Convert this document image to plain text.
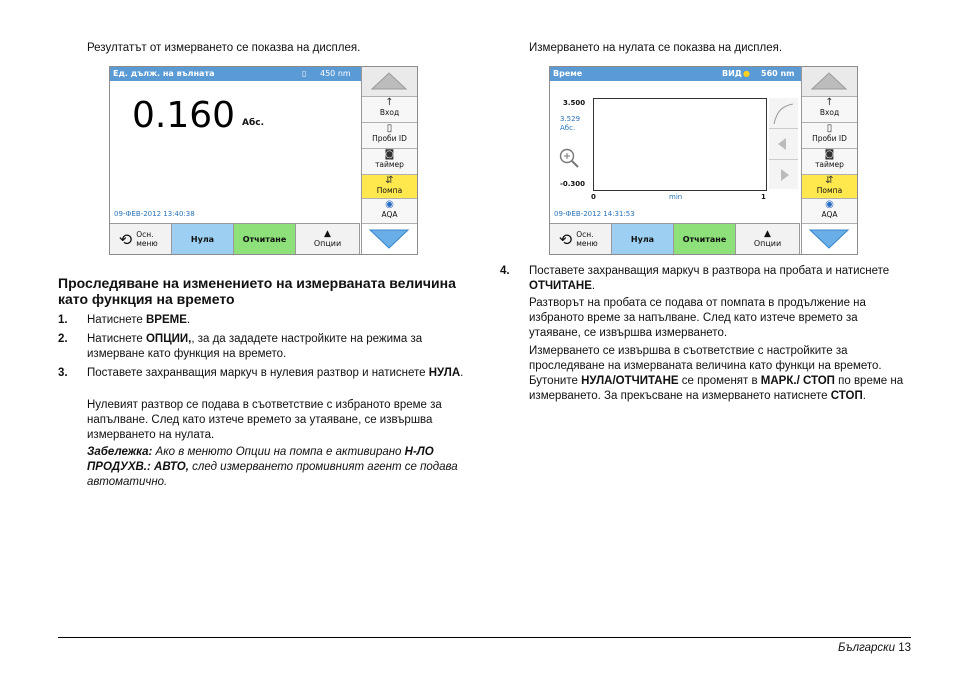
Резултатът от измерването се показва на дисплея.
Ед. дълж. на вълната	▯ 450 nm
0.160 Абс.
09-ФЕВ-2012 13:40:38
↑
Вход
▯
Проби ID
◙
таймер
⇵
Помпа
◉
AQA
⟲ Осн. меню	Нула	Отчитане	▲
Опции
Проследяване на изменението на измерваната величина като функция на времето
1. Натиснете ВРЕМЕ.
2. Натиснете ОПЦИИ,, за да зададете настройките на режима за измерване като функция на времето.
3. Поставете захранващия маркуч в нулевия разтвор и натиснете НУЛА.
Нулевият разтвор се подава в съответствие с избраното време за напълване. След като изтече времето за утаяване, се извършва измерването на нулата.
Забележка: Ако в менюто Опции на помпа е активирано Н-ЛО ПРОДУХВ.: АВТО, след измерването промивният агент се подава автоматично.
Измерването на нулата се показва на дисплея.
Време	ВИД ● 560 nm
3.500
3.529
Абс.
-0.300
0	min	1
09-ФЕВ-2012 14:31:53
↑
Вход
▯
Проби ID
◙
таймер
⇵
Помпа
◉
AQA
⟲ Осн. меню	Нула	Отчитане	▲
Опции
4. Поставете захранващия маркуч в разтвора на пробата и натиснете ОТЧИТАНЕ.
Разтворът на пробата се подава от помпата в продължение на избраното време за напълване. След като изтече времето за утаяване, се извършва измерването.
Измерването се извършва в съответствие с настройките за проследяване на измерваната величина като функци на времето. Бутоните НУЛА/ОТЧИТАНЕ се променят в МАРК./ СТОП по време на измерването. За прекъсване на измерването натиснете СТОП.
Български 13
